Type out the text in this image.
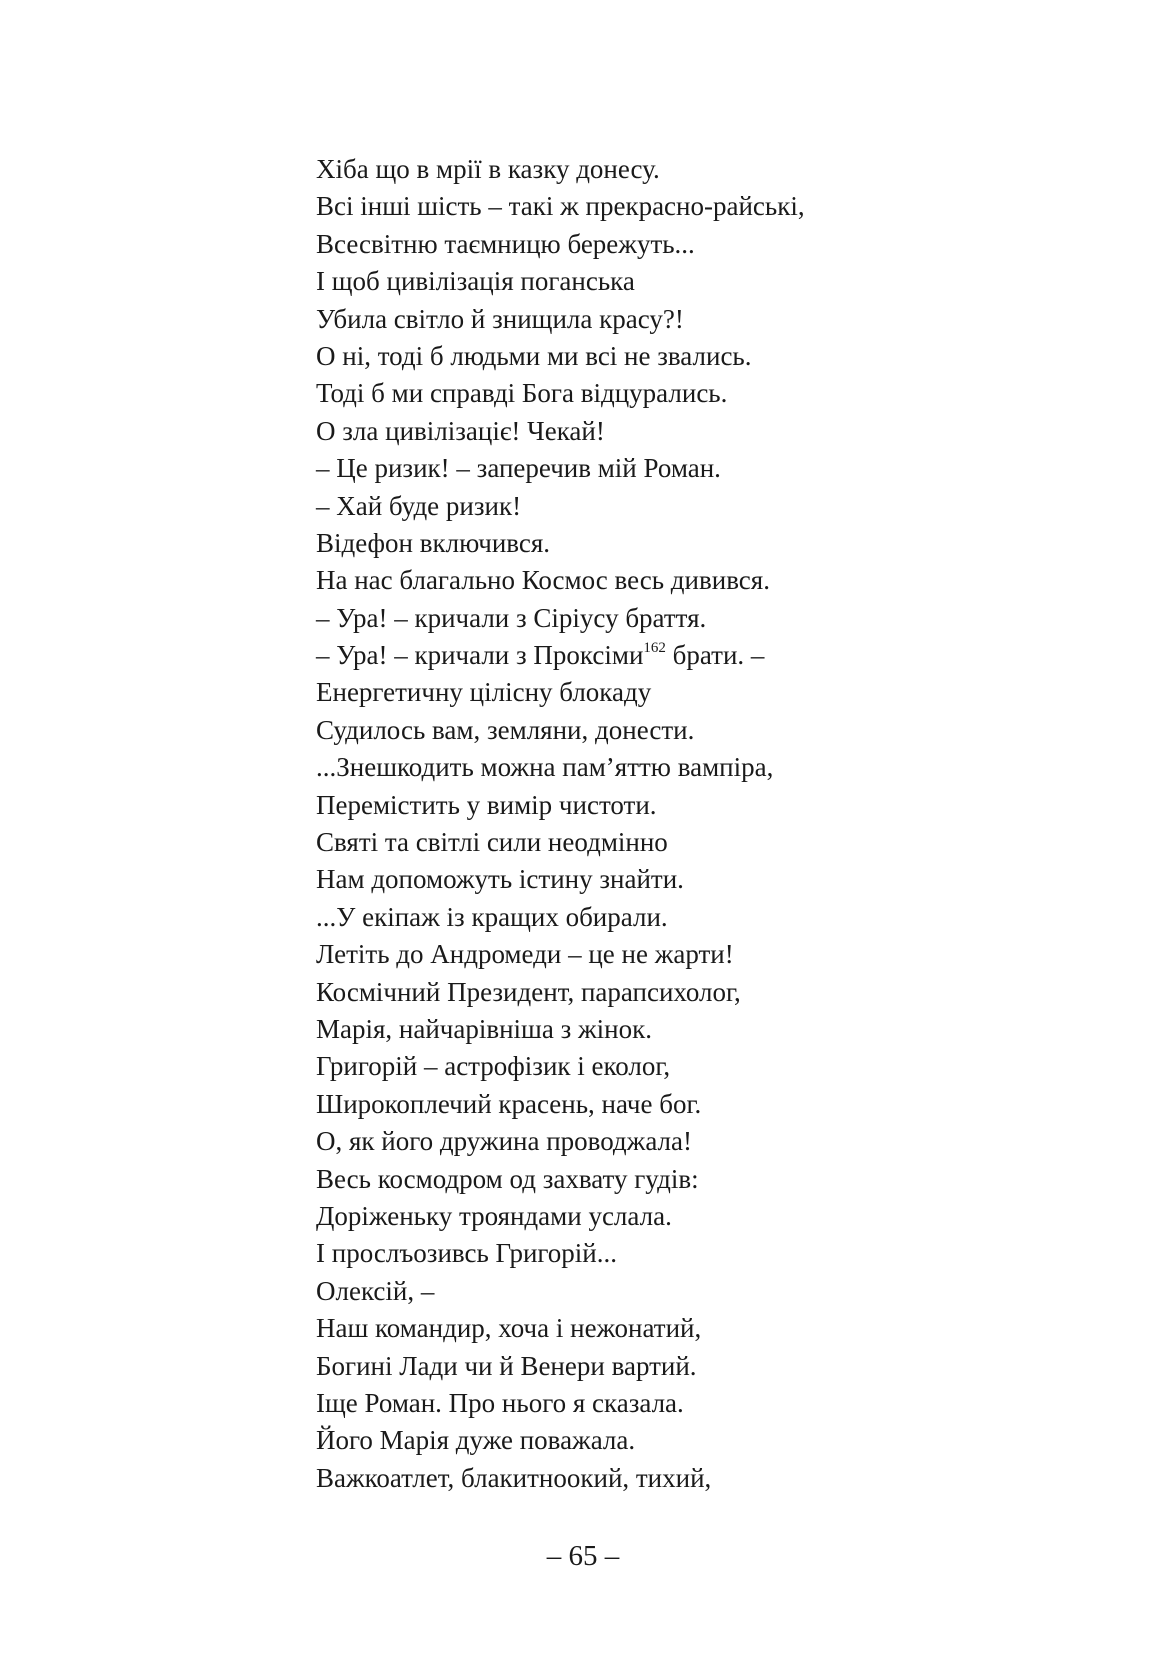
Хіба що в мрії в казку донесу.
Всі інші шість – такі ж прекрасно-райські,
Всесвітню таємницю бережуть...
І щоб цивілізація поганська
Убила світло й знищила красу?!
О ні, тоді б людьми ми всі не звались.
Тоді б ми справді Бога відцурались.
О зла цивілізаціє! Чекай!
– Це ризик! – заперечив мій Роман.
– Хай буде ризик!
Відефон включився.
На нас благально Космос весь дивився.
– Ура! – кричали з Сіріусу браття.
– Ура! – кричали з Проксіми$^{162}$ брати. –
Енергетичну цілісну блокаду
Судилось вам, земляни, донести.
...Знешкодить можна пам’яттю вампіра,
Перемістить у вимір чистоти.
Святі та світлі сили неодмінно
Нам допоможуть істину знайти.
...У екіпаж із кращих обирали.
Летіть до Андромеди – це не жарти!
Космічний Президент, парапсихолог,
Марія, найчарівніша з жінок.
Григорій – астрофізик і еколог,
Широкоплечий красень, наче бог.
О, як його дружина проводжала!
Весь космодром од захвату гудів:
Доріженьку трояндами услала.
І прослъозивсь Григорій...
Олексій, –
Наш командир, хоча і нежонатий,
Богині Лади чи й Венери вартий.
Іще Роман. Про нього я сказала.
Його Марія дуже поважала.
Важкоатлет, блакитноокий, тихий,
– 65 –
